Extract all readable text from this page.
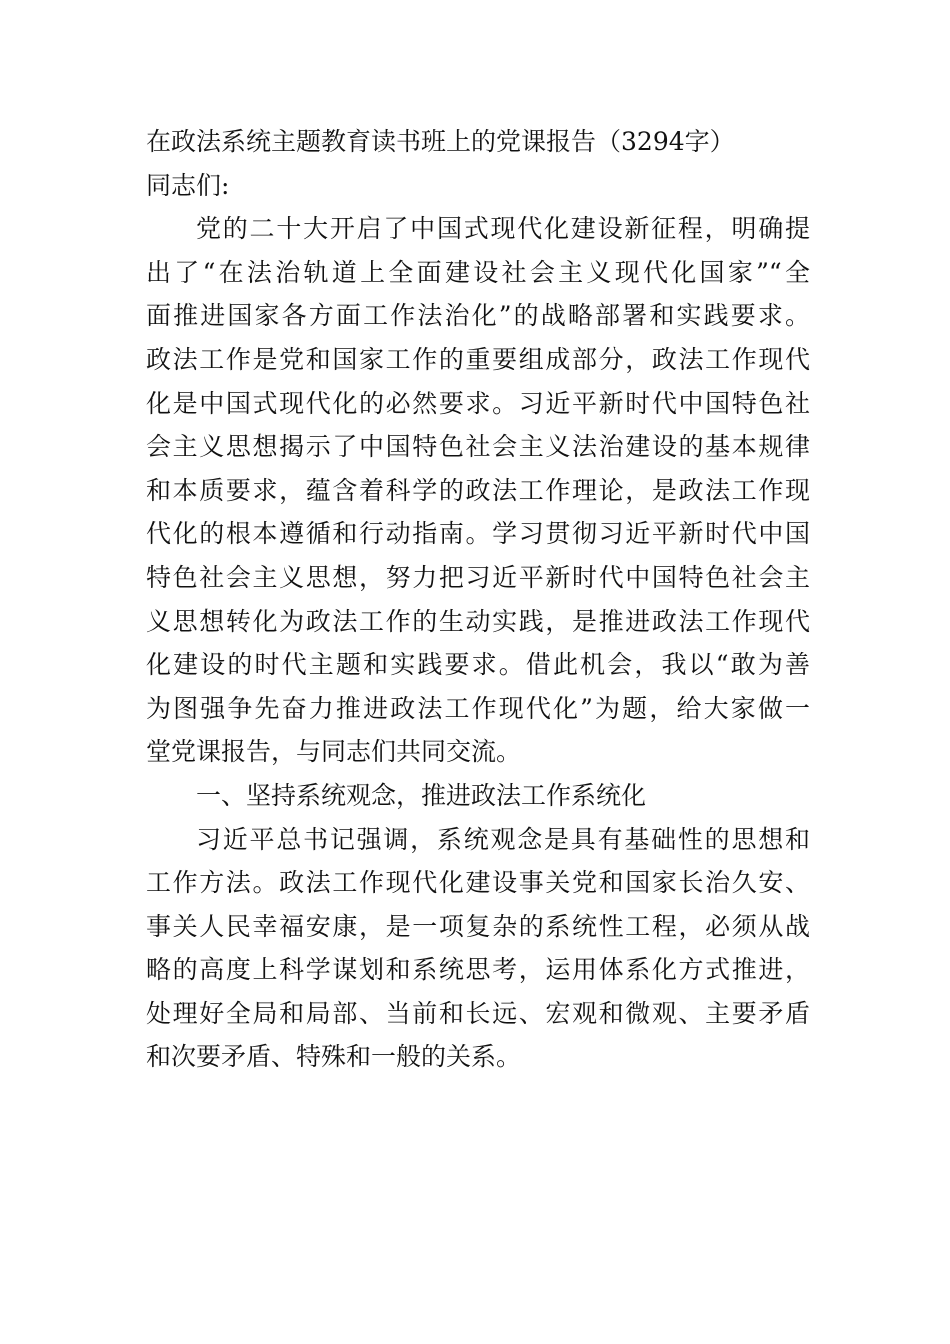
在政法系统主题教育读书班上的党课报告（3294字）
同志们:
党的二十大开启了中国式现代化建设新征程，明确提
出了“在法治轨道上全面建设社会主义现代化国家”“全
面推进国家各方面工作法治化”的战略部署和实践要求。
政法工作是党和国家工作的重要组成部分，政法工作现代
化是中国式现代化的必然要求。习近平新时代中国特色社
会主义思想揭示了中国特色社会主义法治建设的基本规律
和本质要求，蕴含着科学的政法工作理论，是政法工作现
代化的根本遵循和行动指南。学习贯彻习近平新时代中国
特色社会主义思想，努力把习近平新时代中国特色社会主
义思想转化为政法工作的生动实践，是推进政法工作现代
化建设的时代主题和实践要求。借此机会，我以“敢为善
为图强争先奋力推进政法工作现代化”为题，给大家做一
堂党课报告，与同志们共同交流。
一、坚持系统观念，推进政法工作系统化
习近平总书记强调，系统观念是具有基础性的思想和
工作方法。政法工作现代化建设事关党和国家长治久安、
事关人民幸福安康，是一项复杂的系统性工程，必须从战
略的高度上科学谋划和系统思考，运用体系化方式推进，
处理好全局和局部、当前和长远、宏观和微观、主要矛盾
和次要矛盾、特殊和一般的关系。
